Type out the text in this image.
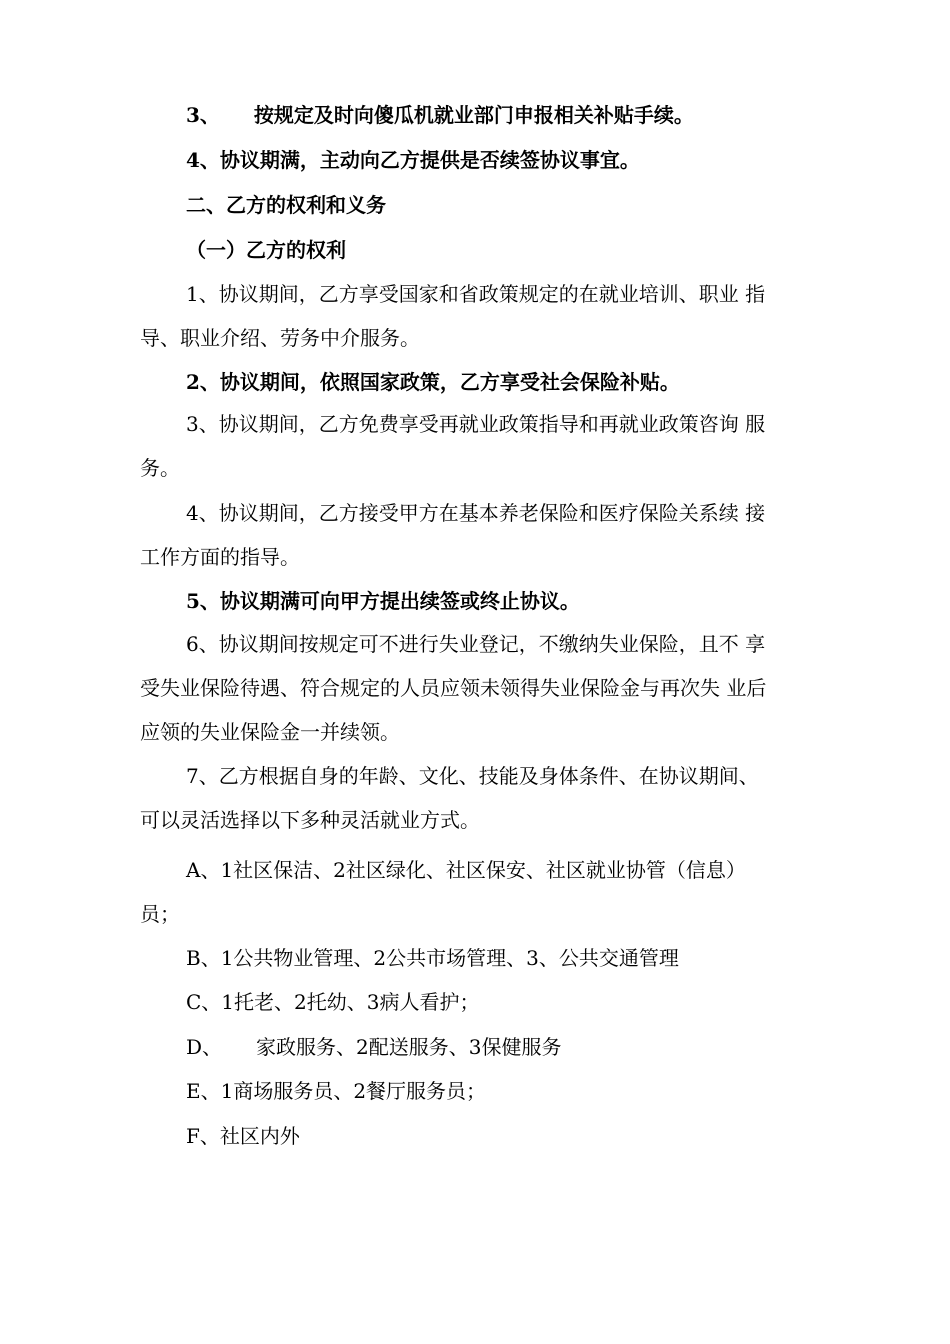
3、 按规定及时向傻瓜机就业部门申报相关补贴手续。

4、协议期满，主动向乙方提供是否续签协议事宜。

二、乙方的权利和义务

（一）乙方的权利

1、协议期间，乙方享受国家和省政策规定的在就业培训、职业 指
导、职业介绍、劳务中介服务。

2、协议期间，依照国家政策，乙方享受社会保险补贴。

3、协议期间，乙方免费享受再就业政策指导和再就业政策咨询 服
务。
4、协议期间，乙方接受甲方在基本养老保险和医疗保险关系续 接
工作方面的指导。

5、协议期满可向甲方提出续签或终止协议。

6、协议期间按规定可不进行失业登记，不缴纳失业保险，且不 享
受失业保险待遇、符合规定的人员应领未领得失业保险金与再次失 业后
应领的失业保险金一并续领。
7、乙方根据自身的年龄、文化、技能及身体条件、在协议期间、
可以灵活选择以下多种灵活就业方式。
A、1社区保洁、2社区绿化、社区保安、社区就业协管（信息）
员；

B、1公共物业管理、2公共市场管理、3、公共交通管理

C、1托老、2托幼、3病人看护；

D、 家政服务、2配送服务、3保健服务

E、1商场服务员、2餐厅服务员；

F、社区内外
